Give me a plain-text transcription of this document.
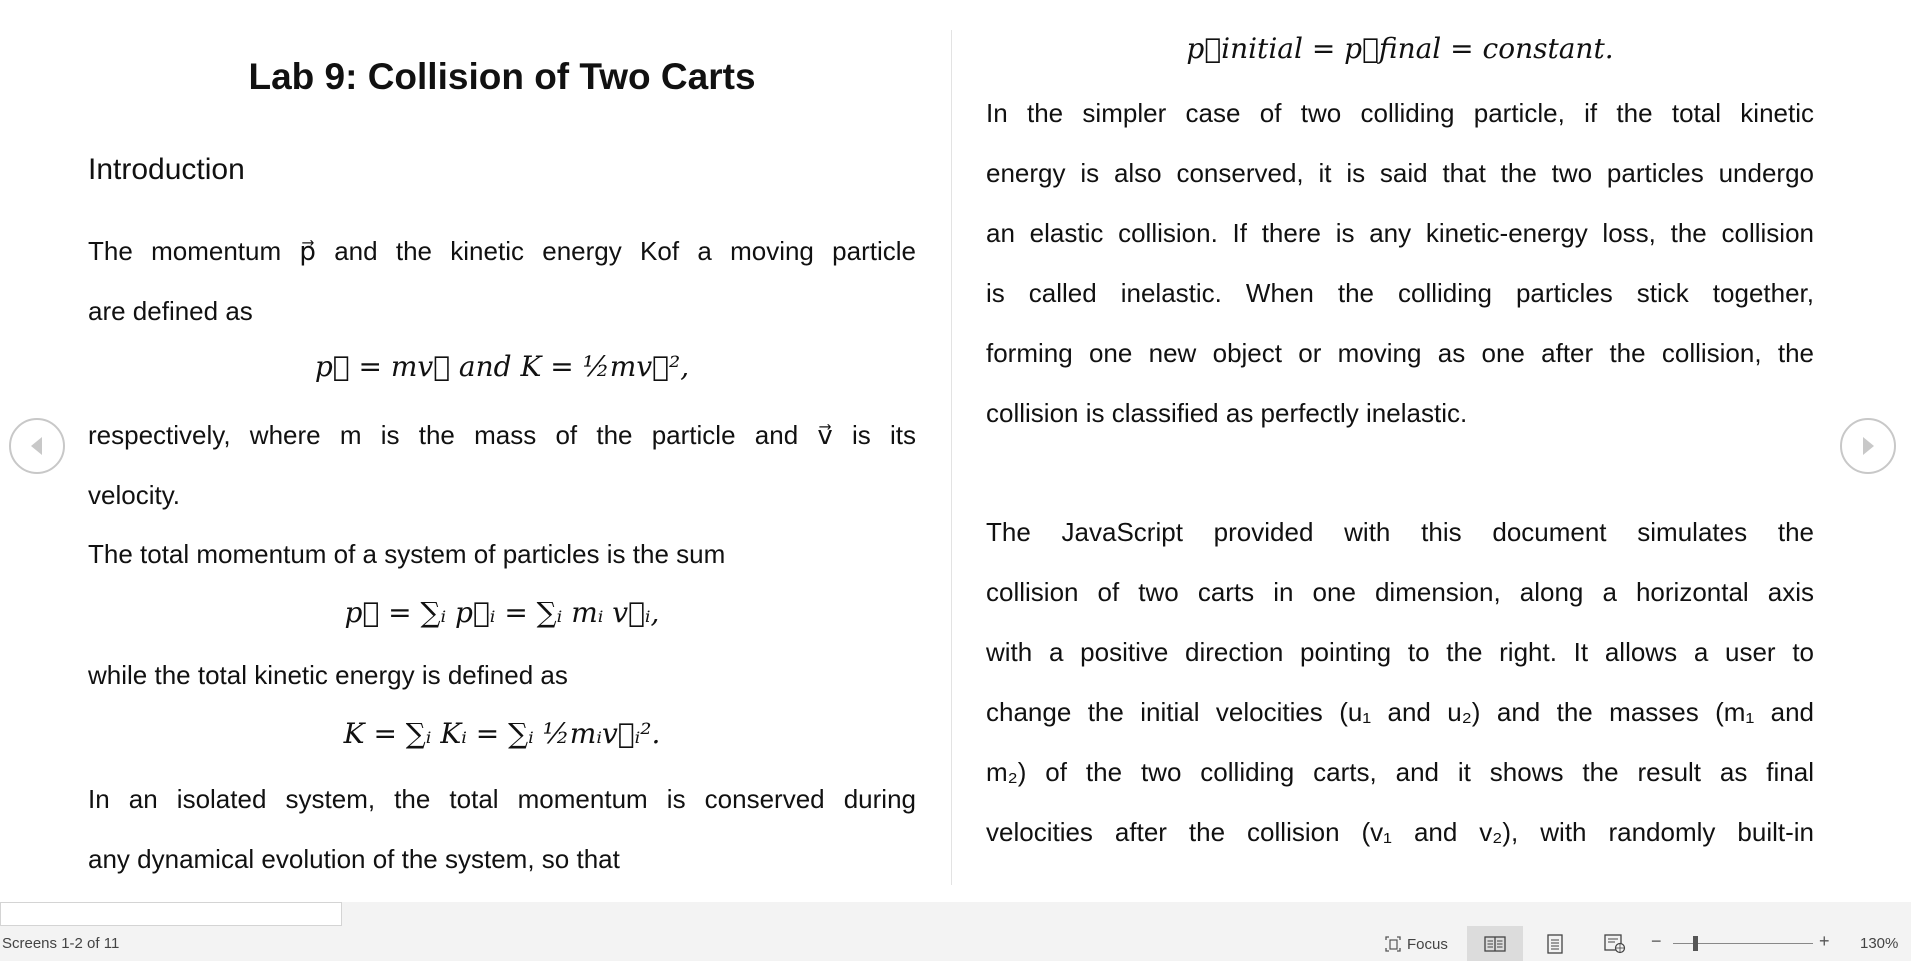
Lab 9: Collision of Two Carts
Introduction
The momentum p⃗ and the kinetic energy Kof a moving particle
are defined as
p⃗ = mv⃗ and K = ½mv⃗²,
respectively, where m is the mass of the particle and v⃗ is its
velocity.
The total momentum of a system of particles is the sum
p⃗ = ∑ᵢ p⃗ᵢ = ∑ᵢ mᵢ v⃗ᵢ,
while the total kinetic energy is defined as
K = ∑ᵢ Kᵢ = ∑ᵢ ½mᵢv⃗ᵢ².
In an isolated system, the total momentum is conserved during
any dynamical evolution of the system, so that
p⃗initial = p⃗final = constant.
In the simpler case of two colliding particle, if the total kinetic
energy is also conserved, it is said that the two particles undergo
an elastic collision. If there is any kinetic-energy loss, the collision
is called inelastic. When the colliding particles stick together,
forming one new object or moving as one after the collision, the
collision is classified as perfectly inelastic.
The JavaScript provided with this document simulates the
collision of two carts in one dimension, along a horizontal axis
with a positive direction pointing to the right. It allows a user to
change the initial velocities (u₁ and u₂) and the masses (m₁ and
m₂) of the two colliding carts, and it shows the result as final
velocities after the collision (v₁ and v₂), with randomly built-in
Screens 1-2 of 11	Focus	−	+ 130%
